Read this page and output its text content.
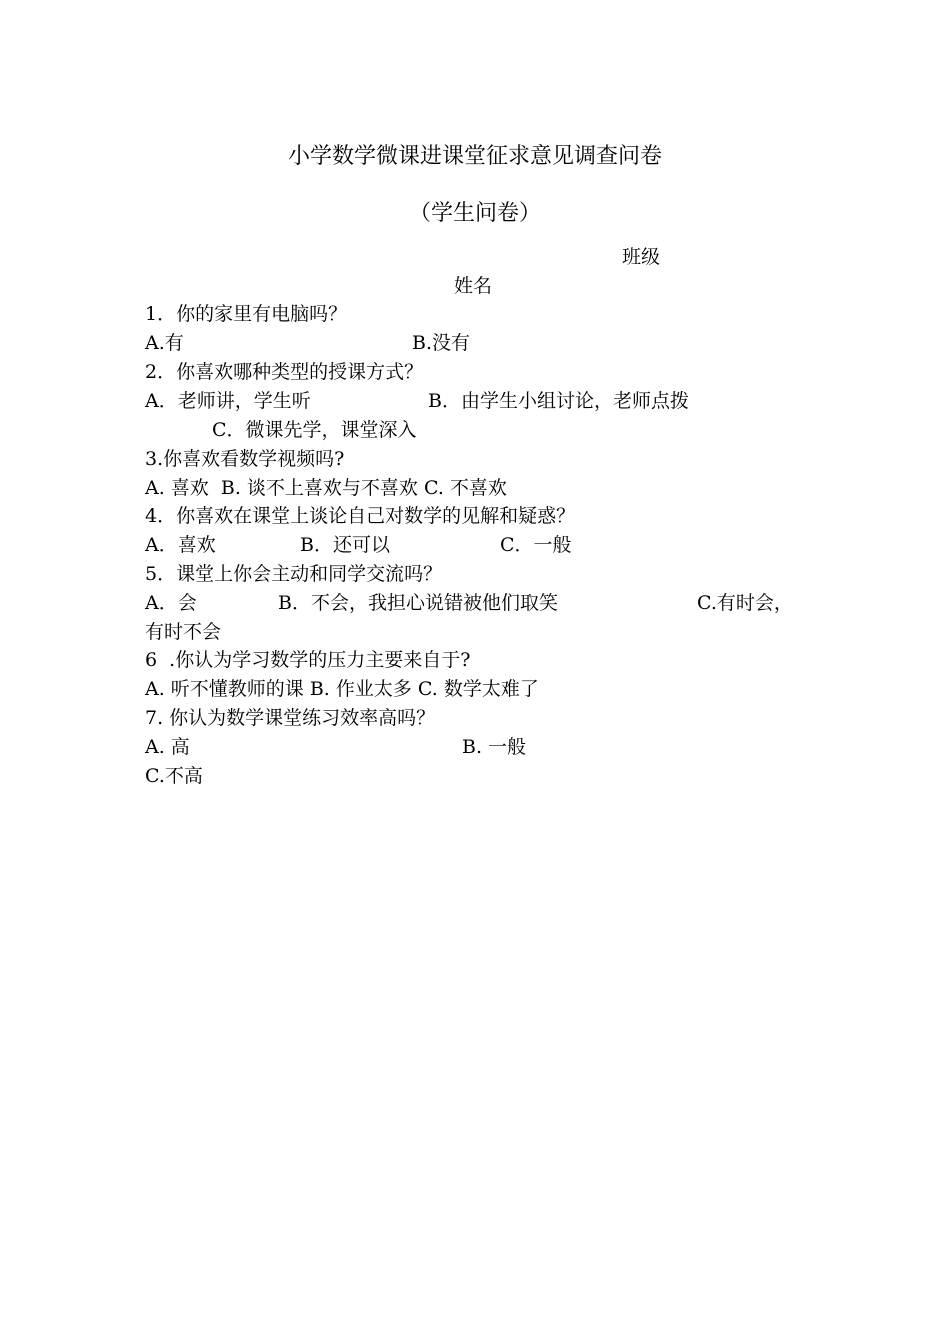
小学数学微课进课堂征求意见调查问卷
（学生问卷）
班级
姓名
1．你的家里有电脑吗？
A.有	B.没有
2．你喜欢哪种类型的授课方式？
A．老师讲，学生听	B．由学生小组讨论，老师点拨
C．微课先学，课堂深入
3.你喜欢看数学视频吗?
A. 喜欢  B. 谈不上喜欢与不喜欢 C. 不喜欢
4．你喜欢在课堂上谈论自己对数学的见解和疑惑？
A．喜欢	B．还可以	C．一般
5．课堂上你会主动和同学交流吗？
A．会	B．不会，我担心说错被他们取笑	C.有时会，
有时不会
6  .你认为学习数学的压力主要来自于?
A. 听不懂教师的课 B. 作业太多 C. 数学太难了
7. 你认为数学课堂练习效率高吗？
A. 高	B. 一般
C.不高
